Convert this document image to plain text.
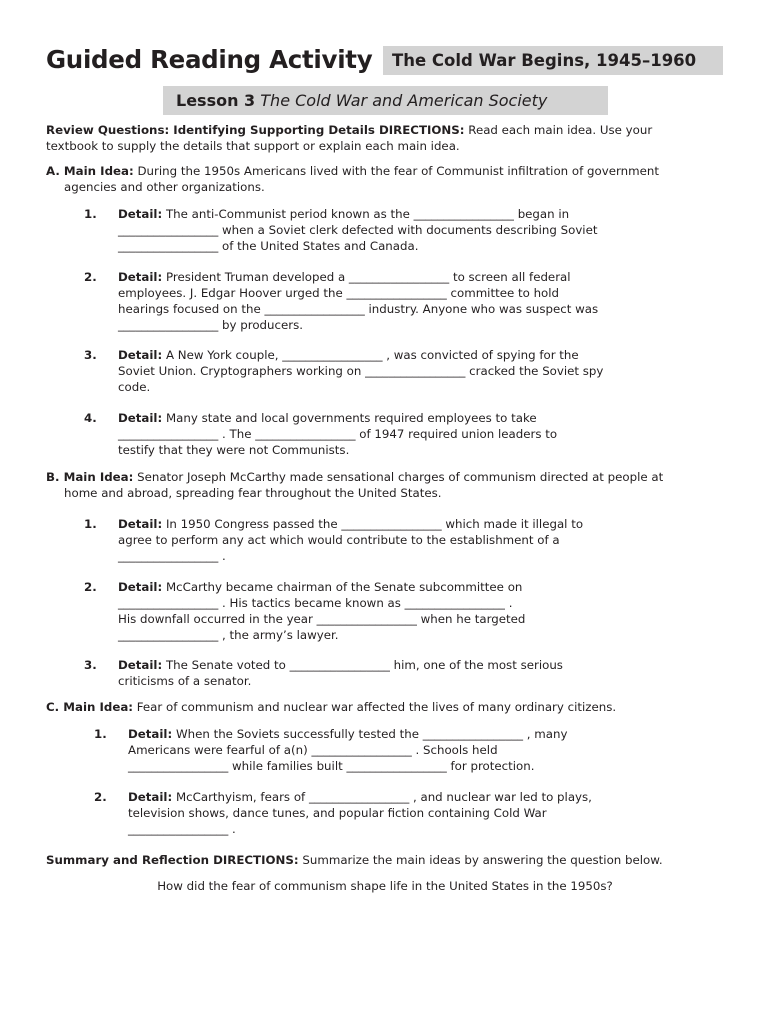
Guided Reading Activity	The Cold War Begins, 1945–1960
Lesson 3 The Cold War and American Society
Review Questions: Identifying Supporting Details DIRECTIONS: Read each main idea. Use your
textbook to supply the details that support or explain each main idea.
A. Main Idea: During the 1950s Americans lived with the fear of Communist infiltration of government
agencies and other organizations.
1. Detail: The anti-Communist period known as the _________________ began in
_________________ when a Soviet clerk defected with documents describing Soviet
_________________ of the United States and Canada.
2. Detail: President Truman developed a _________________ to screen all federal
employees. J. Edgar Hoover urged the _________________ committee to hold
hearings focused on the _________________ industry. Anyone who was suspect was
_________________ by producers.
3. Detail: A New York couple, _________________ , was convicted of spying for the
Soviet Union. Cryptographers working on _________________ cracked the Soviet spy
code.
4. Detail: Many state and local governments required employees to take
_________________ . The _________________ of 1947 required union leaders to
testify that they were not Communists.
1. Detail: In 1950 Congress passed the _________________ which made it illegal to
agree to perform any act which would contribute to the establishment of a
_________________ .
2. Detail: McCarthy became chairman of the Senate subcommittee on
_________________ . His tactics became known as _________________ .
His downfall occurred in the year _________________ when he targeted
_________________ , the army’s lawyer.
3. Detail: The Senate voted to _________________ him, one of the most serious
criticisms of a senator.
1. Detail: When the Soviets successfully tested the _________________ , many
Americans were fearful of a(n) _________________ . Schools held
_________________ while families built _________________ for protection.
2. Detail: McCarthyism, fears of _________________ , and nuclear war led to plays,
television shows, dance tunes, and popular fiction containing Cold War
_________________ .
B. Main Idea: Senator Joseph McCarthy made sensational charges of communism directed at people at
home and abroad, spreading fear throughout the United States.
C. Main Idea: Fear of communism and nuclear war affected the lives of many ordinary citizens.
Summary and Reflection DIRECTIONS: Summarize the main ideas by answering the question below.
How did the fear of communism shape life in the United States in the 1950s?
